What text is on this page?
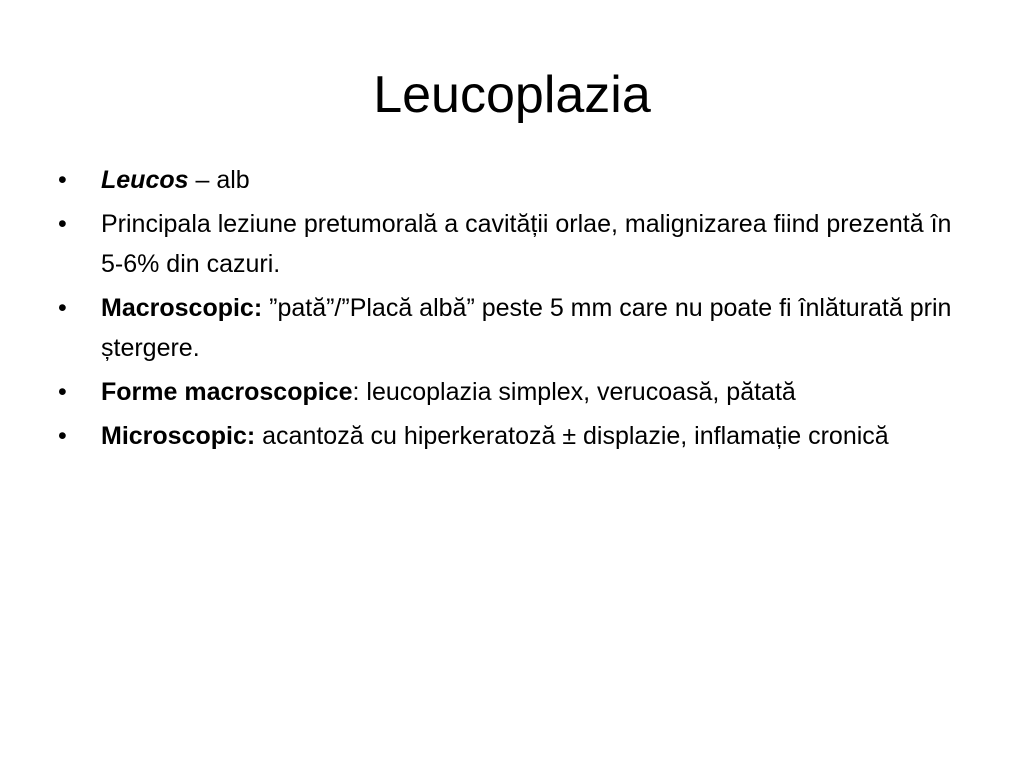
Leucoplazia
•	Leucos – alb
•	Principala leziune pretumorală a cavității orlae, malignizarea fiind prezentă în 5-6% din cazuri.
•	Macroscopic: ”pată”/”Placă albă” peste 5 mm care nu poate fi înlăturată prin ștergere.
•	Forme macroscopice: leucoplazia simplex, verucoasă, pătată
•	Microscopic: acantoză cu hiperkeratoză ± displazie, inflamație cronică
